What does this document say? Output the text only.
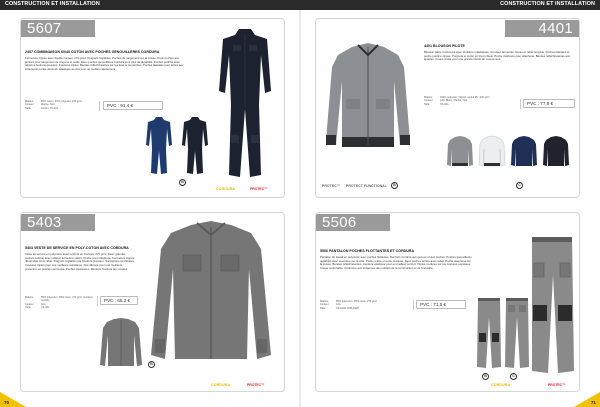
CONSTRUCTION ET INSTALLATION	CONSTRUCTION ET INSTALLATION
5607
2407 COMBINAISON 60/40 COTON AVEC POCHES GENOUILLÈRES CORDURA
Fermeture zippée avec double curseur. 270 g/m2. Poignets réglables. Poches de rangement sur la cuisse. Deux poches aux jambes pour rangement de crayons et outils. Deux poches genouillères Cordura pour plus de durabilité. Poches poitrine avec rabats à boutons-pression. Coutures triples. Bandes réfléchissantes sur les bras et les jambes. Poches latérales pour accès aux vêtements portés dessous. Élastique au dos pour un meilleur ajustement.
Matière	60% coton / 40% polyester. 270 g/m²
Couleur	Marine, Noir
Taille	44-64 / XS-4XL
PVC : 91,4 €
B
CORDURA	PROTEC™
4401
4401 BLOUSON PILOTE
Blouson pilote rembourré avec doublure matelassée. Col avec fermeture zippée et rabat tempête. Poches latérales et poche poitrine zippée. Poignets et ourlet en tricot côtelé. Poche intérieure pour téléphone. Bandes réfléchissantes aux épaules. Coupe droite pour une grande liberté de mouvement.
Matière	100% polyester, Oxford, enduit PU. 220 g/m²
Couleur	Gris, Blanc, Marine, Noir
Taille	XS-4XL	PVC : 77,9 €
PROTEC™ PROTECT FUNCTIONAL	B	C
5403
5403 VESTE DE SERVICE EN POLY-COTON AVEC CORDURA
Veste de service en polycoton avec renforts en Cordura. 270 g/m². Deux grandes poches poitrine avec rabat et fermeture velcro. Poche pour téléphone. Fermeture zippée dissimulée sous rabat. Poignets réglables par boutons-pression. Surpiqûres contrastées. Coutures triples pour une meilleure résistance. Dos allongé pour une meilleure protection en position accroupie. Poches intérieures. Renforts Cordura aux coudes.
Matière	65% polyester / 35% coton, 270 g/m². Cordura renforts
Couleur	Gris
Taille	XS-4XL
PVC : 65,2 €
B
CORDURA	PROTEC™
5506
5506 PANTALON POCHES FLOTTANTES ET CORDURA
Pantalon de travail en polycoton avec poches flottantes. Renforts Cordura aux genoux et aux poches. Poches genouillères réglables avec ouverture sur le côté. Poche mètre et porte-marteau. Deux poches arrière avec rabat. Poche téléphone sur la cuisse. Bandes réfléchissantes. Ceinture élastique pour un meilleur confort. Triples coutures sur les coutures exposées. Coupe confortable. Conforme aux exigences des métiers de la construction et de l'industrie.
Matière	65% polyester / 35% coton, 270 g/m²
Couleur	Gris
Taille	C44-C64, D88-D128
PVC : 71,5 €
B	C
CORDURA	PROTEC™
70	71
